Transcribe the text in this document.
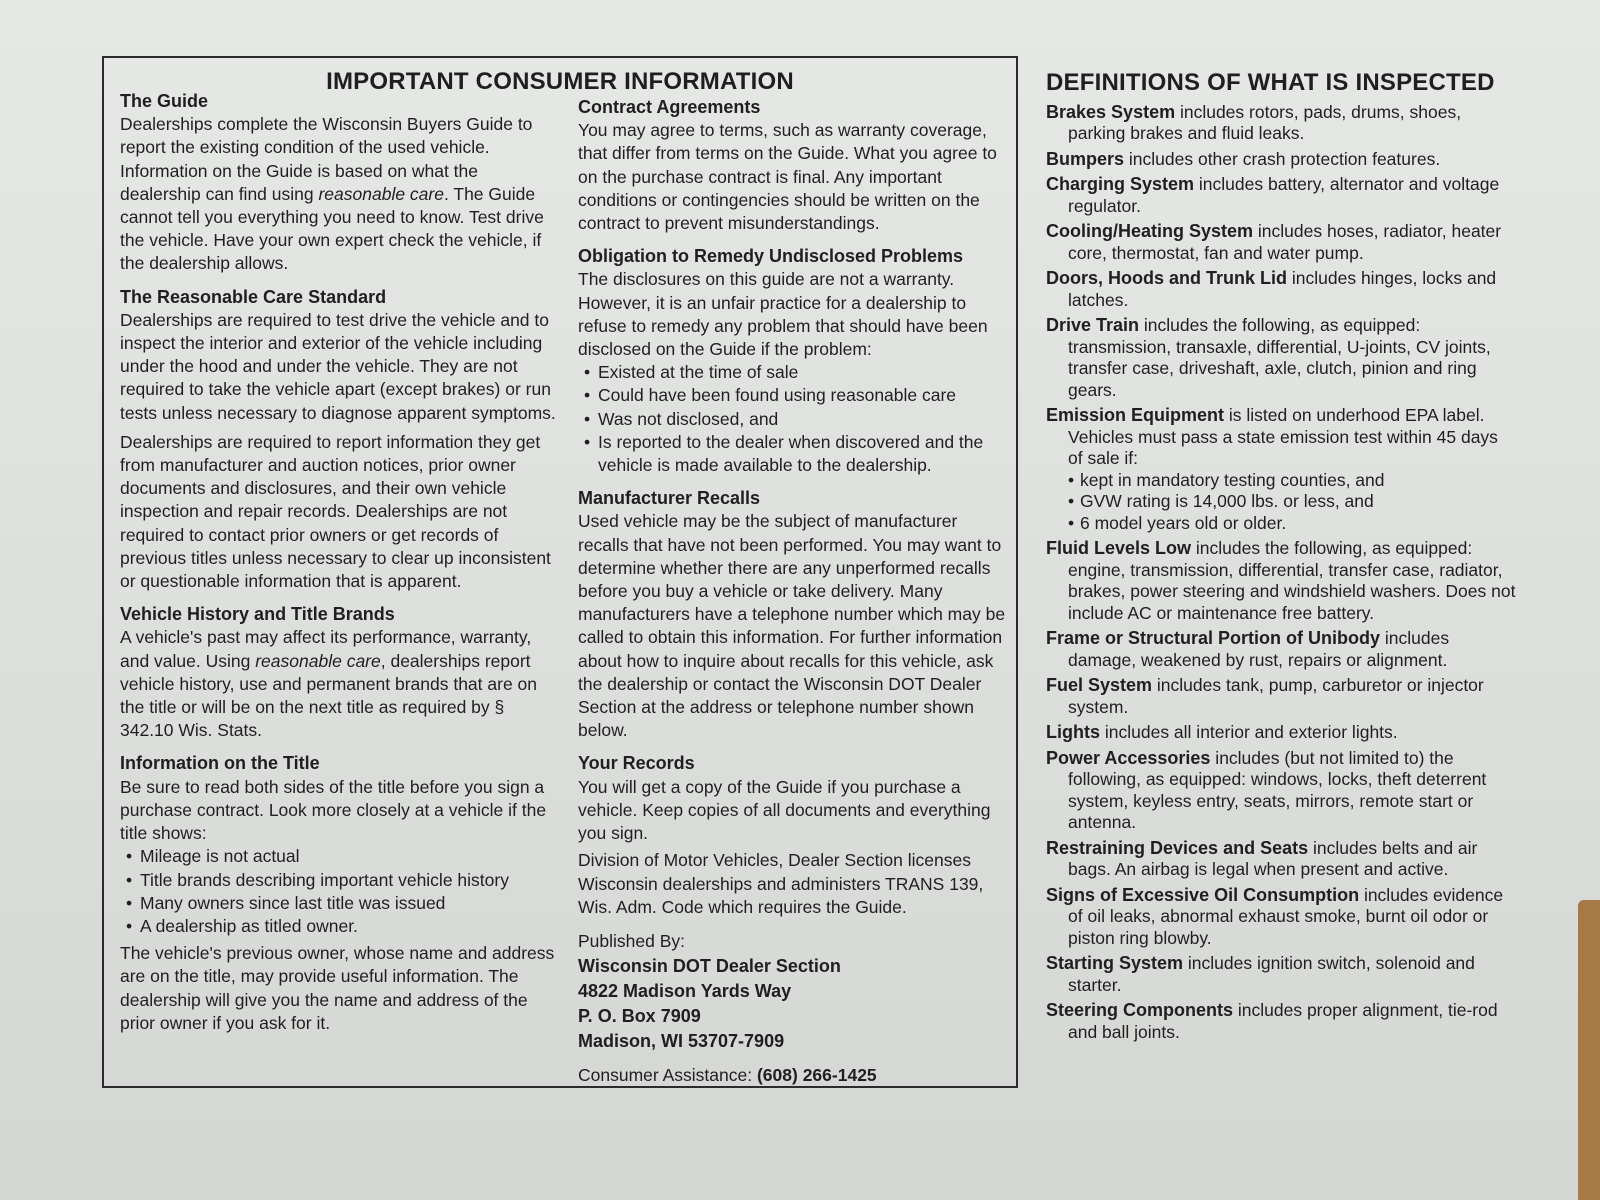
IMPORTANT CONSUMER INFORMATION
The Guide

Dealerships complete the Wisconsin Buyers Guide to report the existing condition of the used vehicle. Information on the Guide is based on what the dealership can find using reasonable care. The Guide cannot tell you everything you need to know. Test drive the vehicle. Have your own expert check the vehicle, if the dealership allows.

The Reasonable Care Standard

Dealerships are required to test drive the vehicle and to inspect the interior and exterior of the vehicle including under the hood and under the vehicle. They are not required to take the vehicle apart (except brakes) or run tests unless necessary to diagnose apparent symptoms.

Dealerships are required to report information they get from manufacturer and auction notices, prior owner documents and disclosures, and their own vehicle inspection and repair records. Dealerships are not required to contact prior owners or get records of previous titles unless necessary to clear up inconsistent or questionable information that is apparent.

Vehicle History and Title Brands

A vehicle's past may affect its performance, warranty, and value. Using reasonable care, dealerships report vehicle history, use and permanent brands that are on the title or will be on the next title as required by § 342.10 Wis. Stats.

Information on the Title

Be sure to read both sides of the title before you sign a purchase contract. Look more closely at a vehicle if the title shows:

• Mileage is not actual
• Title brands describing important vehicle history
• Many owners since last title was issued
• A dealership as titled owner.

The vehicle's previous owner, whose name and address are on the title, may provide useful information. The dealership will give you the name and address of the prior owner if you ask for it.

Contract Agreements

You may agree to terms, such as warranty coverage, that differ from terms on the Guide. What you agree to on the purchase contract is final. Any important conditions or contingencies should be written on the contract to prevent misunderstandings.

Obligation to Remedy Undisclosed Problems

The disclosures on this guide are not a warranty. However, it is an unfair practice for a dealership to refuse to remedy any problem that should have been disclosed on the Guide if the problem:

• Existed at the time of sale
• Could have been found using reasonable care
• Was not disclosed, and
• Is reported to the dealer when discovered and the vehicle is made available to the dealership.
Manufacturer Recalls

Used vehicle may be the subject of manufacturer recalls that have not been performed. You may want to determine whether there are any unperformed recalls before you buy a vehicle or take delivery. Many manufacturers have a telephone number which may be called to obtain this information. For further information about how to inquire about recalls for this vehicle, ask the dealership or contact the Wisconsin DOT Dealer Section at the address or telephone number shown below.

Your Records

You will get a copy of the Guide if you purchase a vehicle. Keep copies of all documents and everything you sign.

Division of Motor Vehicles, Dealer Section licenses Wisconsin dealerships and administers TRANS 139, Wis. Adm. Code which requires the Guide.

Published By:
Wisconsin DOT Dealer Section
4822 Madison Yards Way
P. O. Box 7909
Madison, WI 53707-7909
Consumer Assistance: (608) 266-1425
DEFINITIONS OF WHAT IS INSPECTED
Brakes System includes rotors, pads, drums, shoes, parking brakes and fluid leaks.
Bumpers includes other crash protection features.
Charging System includes battery, alternator and voltage regulator.
Cooling/Heating System includes hoses, radiator, heater core, thermostat, fan and water pump.
Doors, Hoods and Trunk Lid includes hinges, locks and latches.
Drive Train includes the following, as equipped: transmission, transaxle, differential, U-joints, CV joints, transfer case, driveshaft, axle, clutch, pinion and ring gears.
Emission Equipment is listed on underhood EPA label. Vehicles must pass a state emission test within 45 days of sale if:
• kept in mandatory testing counties, and
• GVW rating is 14,000 lbs. or less, and
• 6 model years old or older.
Fluid Levels Low includes the following, as equipped: engine, transmission, differential, transfer case, radiator, brakes, power steering and windshield washers. Does not include AC or maintenance free battery.
Frame or Structural Portion of Unibody includes damage, weakened by rust, repairs or alignment.
Fuel System includes tank, pump, carburetor or injector system.
Lights includes all interior and exterior lights.
Power Accessories includes (but not limited to) the following, as equipped: windows, locks, theft deterrent system, keyless entry, seats, mirrors, remote start or antenna.
Restraining Devices and Seats includes belts and air bags. An airbag is legal when present and active.
Signs of Excessive Oil Consumption includes evidence of oil leaks, abnormal exhaust smoke, burnt oil odor or piston ring blowby.
Starting System includes ignition switch, solenoid and starter.
Steering Components includes proper alignment, tie-rod and ball joints.
